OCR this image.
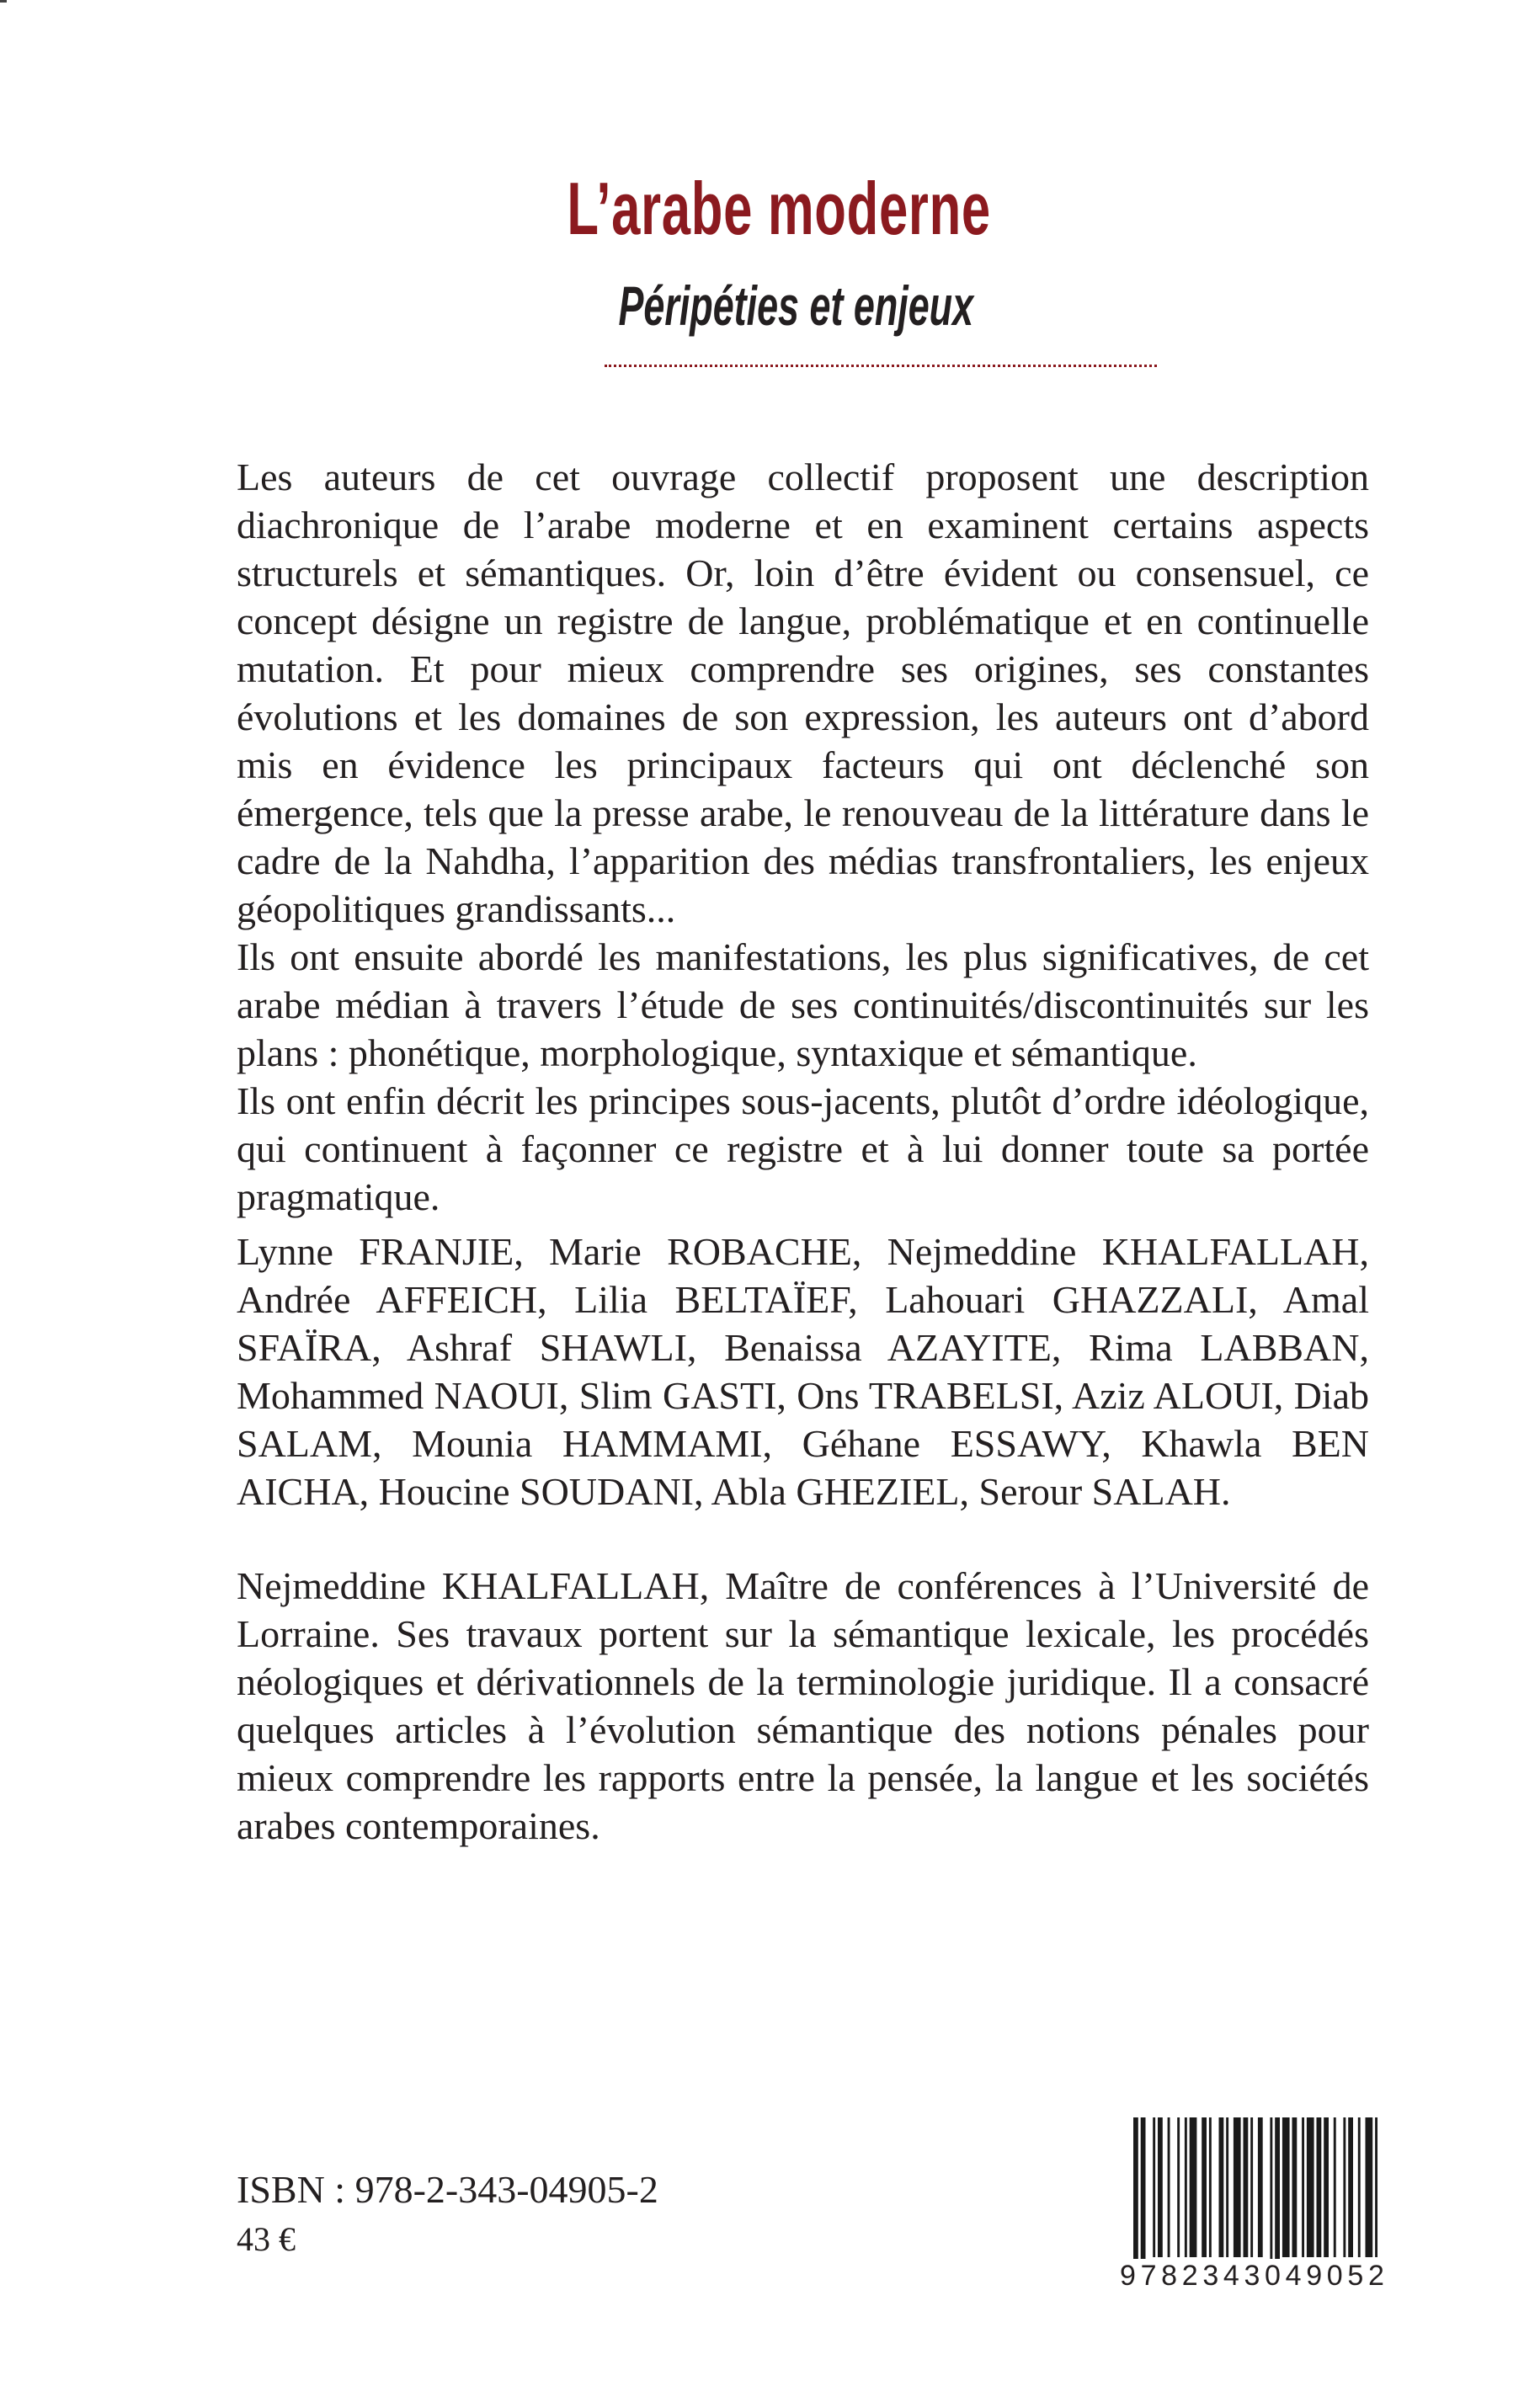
L’arabe moderne
Péripéties et enjeux

Les auteurs de cet ouvrage collectif proposent une description diachronique de l’arabe moderne et en examinent certains aspects structurels et sémantiques. Or, loin d’être évident ou consensuel, ce concept désigne un registre de langue, problématique et en continuelle mutation. Et pour mieux comprendre ses origines, ses constantes évolutions et les domaines de son expression, les auteurs ont d’abord mis en évidence les principaux facteurs qui ont déclenché son émergence, tels que la presse arabe, le renouveau de la littérature dans le cadre de la Nahdha, l’apparition des médias transfrontaliers, les enjeux géopolitiques grandissants...

Ils ont ensuite abordé les manifestations, les plus significatives, de cet arabe médian à travers l’étude de ses continuités/discontinuités sur les plans : phonétique, morphologique, syntaxique et sémantique.

Ils ont enfin décrit les principes sous-jacents, plutôt d’ordre idéologique, qui continuent à façonner ce registre et à lui donner toute sa portée pragmatique.

Lynne FRANJIE, Marie ROBACHE, Nejmeddine KHALFALLAH, Andrée AFFEICH, Lilia BELTAÏEF, Lahouari GHAZZALI, Amal SFAÏRA, Ashraf SHAWLI, Benaissa AZAYITE, Rima LABBAN, Mohammed NAOUI, Slim GASTI, Ons TRABELSI, Aziz ALOUI, Diab SALAM, Mounia HAMMAMI, Géhane ESSAWY, Khawla BEN AICHA, Houcine SOUDANI, Abla GHEZIEL, Serour SALAH.

Nejmeddine KHALFALLAH, Maître de conférences à l’Université de Lorraine. Ses travaux portent sur la sémantique lexicale, les procédés néologiques et dérivationnels de la terminologie juridique. Il a consacré quelques articles à l’évolution sémantique des notions pénales pour mieux comprendre les rapports entre la pensée, la langue et les sociétés arabes contemporaines.

ISBN : 978-2-343-04905-2

43 €

9 7 8 2 3 4 3 0 4 9 0 5 2
